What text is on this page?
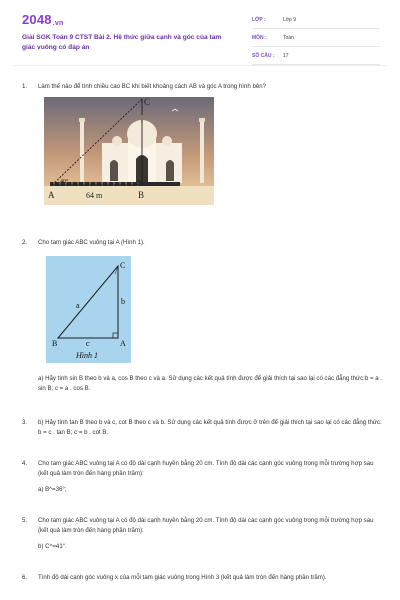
2048.vn
Giải SGK Toán 9 CTST Bài 2. Hệ thức giữa cạnh và góc của tam giác vuông có đáp án
LỚP :	Lớp 9
MÔN :	Toán
SỐ CÂU : 17
1. Làm thế nào để tính chiều cao BC khi biết khoảng cách AB và góc A trong hình bên?
A	B
C
64 m
40°
2. Cho tam giác ABC vuông tại A (Hình 1).
B	A
C
a	b
c
Hình 1
a) Hãy tính sin B theo b và a, cos B theo c và a. Sử dụng các kết quả tính được để giải thích tại sao lại có các đẳng thức:b = a . sin B; c = a . cos B.
3. b) Hãy tính tan B theo b và c, cot B theo c và b. Sử dụng các kết quả tính được ở trên để giải thích tại sao lại có các đẳng thức: b = c . tan B; c = b . cot B.
4. Cho tam giác ABC vuông tại A có độ dài cạnh huyền bằng 20 cm. Tính độ dài các cạnh góc vuông trong mỗi trường hợp sau (kết quả làm tròn đến hàng phần trăm):
a) B^=36°;
5. Cho tam giác ABC vuông tại A có độ dài cạnh huyền bằng 20 cm. Tính độ dài các cạnh góc vuông trong mỗi trường hợp sau (kết quả làm tròn đến hàng phần trăm):
b) C^=41°.
6. Tính độ dài cạnh góc vuông x của mỗi tam giác vuông trong Hình 3 (kết quả làm tròn đến hàng phần trăm).
